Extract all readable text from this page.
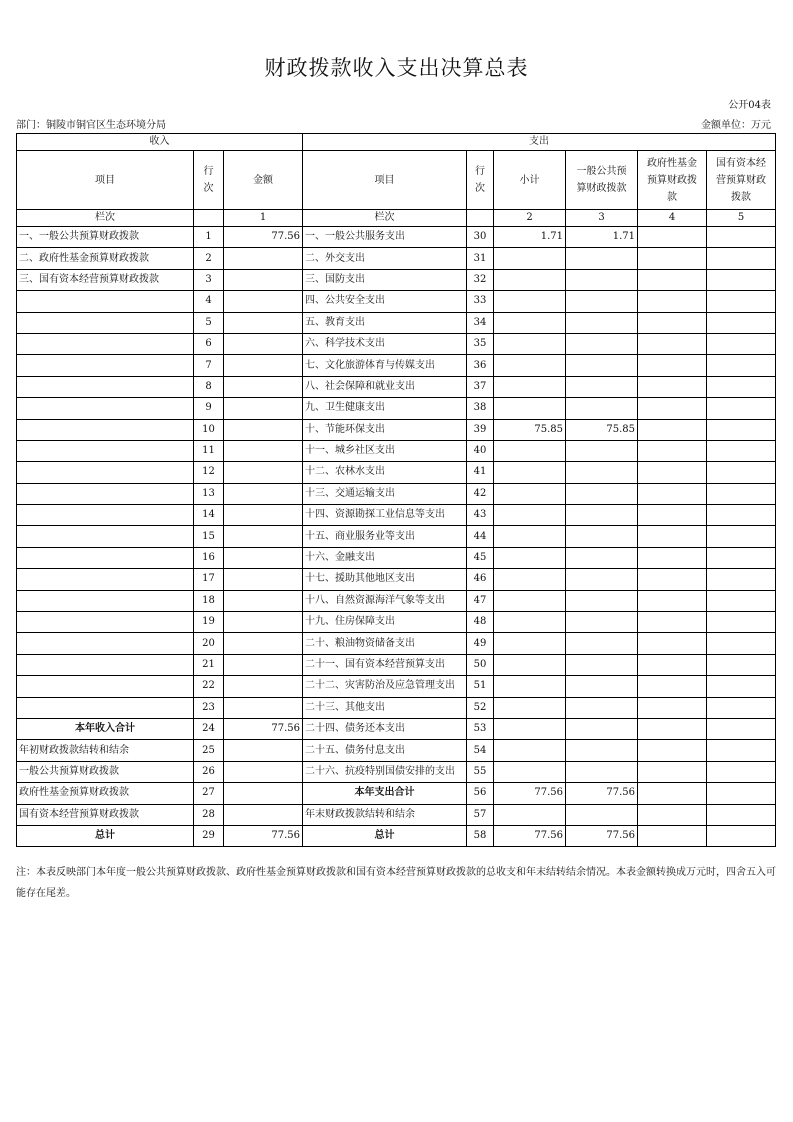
财政拨款收入支出决算总表
公开04表
部门：铜陵市铜官区生态环境分局	金额单位：万元
收入			支出					
项目	行次	金额	项目	行次	小计	一般公共预算财政拨款	政府性基金预算财政拨款	国有资本经营预算财政拨款
栏次		1	栏次		2	3	4	5
一、一般公共预算财政拨款	1	77.56	一、一般公共服务支出	30	1.71	1.71		
二、政府性基金预算财政拨款	2		二、外交支出	31				
三、国有资本经营预算财政拨款	3		三、国防支出	32				
	4		四、公共安全支出	33				
	5		五、教育支出	34				
	6		六、科学技术支出	35				
	7		七、文化旅游体育与传媒支出	36				
	8		八、社会保障和就业支出	37				
	9		九、卫生健康支出	38				
	10		十、节能环保支出	39	75.85	75.85		
	11		十一、城乡社区支出	40				
	12		十二、农林水支出	41				
	13		十三、交通运输支出	42				
	14		十四、资源勘探工业信息等支出	43				
	15		十五、商业服务业等支出	44				
	16		十六、金融支出	45				
	17		十七、援助其他地区支出	46				
	18		十八、自然资源海洋气象等支出	47				
	19		十九、住房保障支出	48				
	20		二十、粮油物资储备支出	49				
	21		二十一、国有资本经营预算支出	50				
	22		二十二、灾害防治及应急管理支出	51				
	23		二十三、其他支出	52				
本年收入合计	24	77.56	二十四、债务还本支出	53				
年初财政拨款结转和结余	25		二十五、债务付息支出	54				
一般公共预算财政拨款	26		二十六、抗疫特别国债安排的支出	55				
政府性基金预算财政拨款	27		本年支出合计	56	77.56	77.56		
国有资本经营预算财政拨款	28		年末财政拨款结转和结余	57				
总计	29	77.56	总计	58	77.56	77.56		
注：本表反映部门本年度一般公共预算财政拨款、政府性基金预算财政拨款和国有资本经营预算财政拨款的总收支和年末结转结余情况。本表金额转换成万元时，四舍五入可能存在尾差。
